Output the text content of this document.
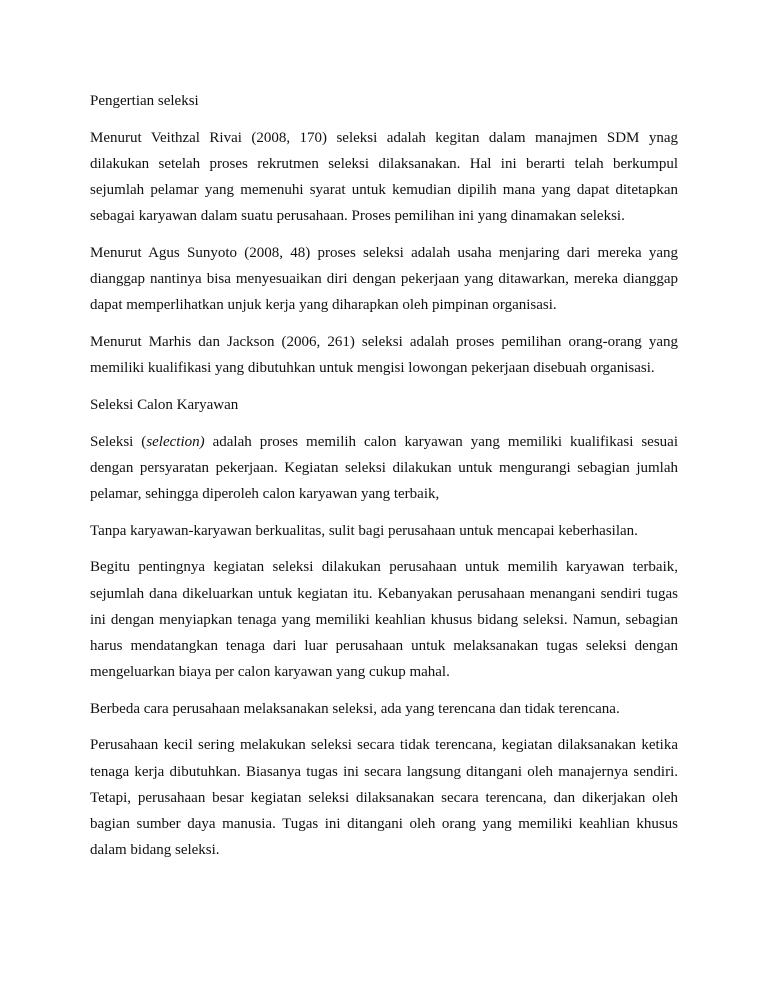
Pengertian seleksi
Menurut Veithzal Rivai (2008, 170) seleksi adalah kegitan dalam manajmen SDM ynag
dilakukan setelah proses rekrutmen seleksi dilaksanakan. Hal ini berarti telah berkumpul
sejumlah pelamar yang memenuhi syarat untuk kemudian dipilih mana yang dapat ditetapkan
sebagai karyawan dalam suatu perusahaan. Proses pemilihan ini yang dinamakan seleksi.
Menurut Agus Sunyoto (2008, 48) proses seleksi adalah usaha menjaring dari mereka yang
dianggap nantinya bisa menyesuaikan diri dengan pekerjaan yang ditawarkan, mereka dianggap
dapat memperlihatkan unjuk kerja yang diharapkan oleh pimpinan organisasi.
Menurut Marhis dan Jackson (2006, 261) seleksi adalah proses pemilihan orang-orang yang
memiliki kualifikasi yang dibutuhkan untuk mengisi lowongan pekerjaan disebuah organisasi.
Seleksi Calon Karyawan
Seleksi (selection) adalah proses memilih calon karyawan yang memiliki kualifikasi sesuai
dengan persyaratan pekerjaan. Kegiatan seleksi dilakukan untuk mengurangi sebagian jumlah
pelamar, sehingga diperoleh calon karyawan yang terbaik,
Tanpa karyawan-karyawan berkualitas, sulit bagi perusahaan untuk mencapai keberhasilan.
Begitu pentingnya kegiatan seleksi dilakukan perusahaan untuk memilih karyawan terbaik,
sejumlah dana dikeluarkan untuk kegiatan itu. Kebanyakan perusahaan menangani sendiri tugas
ini dengan menyiapkan tenaga yang memiliki keahlian khusus bidang seleksi. Namun, sebagian
harus mendatangkan tenaga dari luar perusahaan untuk melaksanakan tugas seleksi dengan
mengeluarkan biaya per calon karyawan yang cukup mahal.
Berbeda cara perusahaan melaksanakan seleksi, ada yang terencana dan tidak terencana.
Perusahaan kecil sering melakukan seleksi secara tidak terencana, kegiatan dilaksanakan ketika
tenaga kerja dibutuhkan. Biasanya tugas ini secara langsung ditangani oleh manajernya sendiri.
Tetapi, perusahaan besar kegiatan seleksi dilaksanakan secara terencana, dan dikerjakan oleh
bagian sumber daya manusia. Tugas ini ditangani oleh orang yang memiliki keahlian khusus
dalam bidang seleksi.
